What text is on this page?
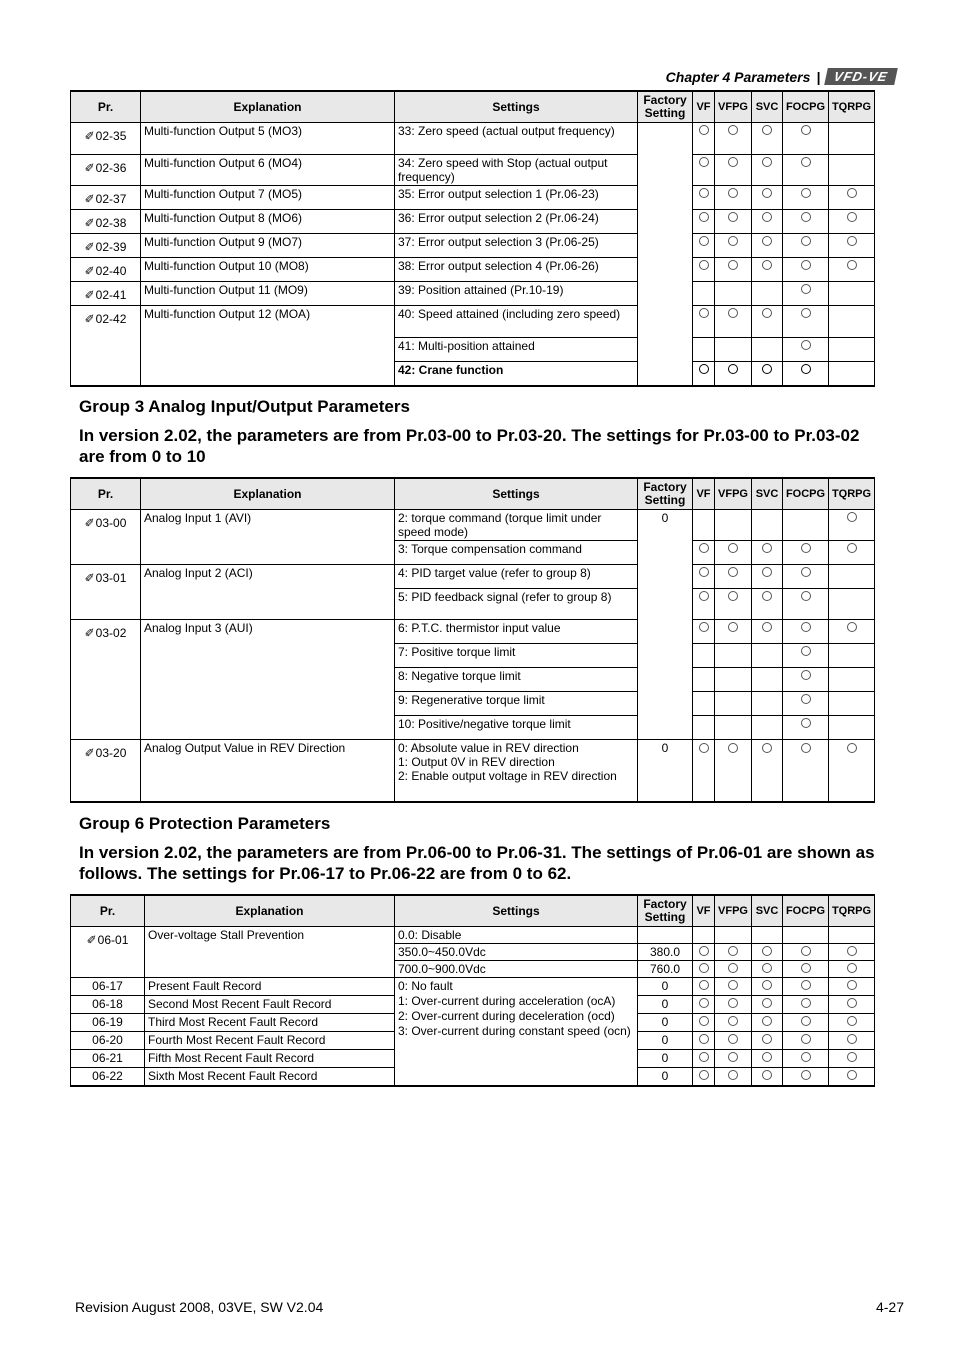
Chapter 4 Parameters | VFD-VE
Pr.	Explanation	Settings	Factory Setting	VF	VFPG	SVC	FOCPG	TQRPG
✐02-35	Multi-function Output 5 (MO3)	33: Zero speed (actual output frequency)						
✐02-36	Multi-function Output 6 (MO4)	34: Zero speed with Stop (actual output frequency)						
✐02-37	Multi-function Output 7 (MO5)	35: Error output selection 1 (Pr.06-23)						
✐02-38	Multi-function Output 8 (MO6)	36: Error output selection 2 (Pr.06-24)						
✐02-39	Multi-function Output 9 (MO7)	37: Error output selection 3 (Pr.06-25)						
✐02-40	Multi-function Output 10 (MO8)	38: Error output selection 4 (Pr.06-26)						
✐02-41	Multi-function Output 11 (MO9)	39: Position attained (Pr.10-19)						
✐02-42	Multi-function Output 12 (MOA)	40: Speed attained (including zero speed)						
		41: Multi-position attained						
		42: Crane function						
Group 3 Analog Input/Output Parameters
In version 2.02, the parameters are from Pr.03-00 to Pr.03-20. The settings for Pr.03-00 to Pr.03-02 are from 0 to 10
Pr.	Explanation	Settings	Factory Setting	VF	VFPG	SVC	FOCPG	TQRPG
✐03-00	Analog Input 1 (AVI)	2: torque command (torque limit under speed mode)	0					
		3: Torque compensation command						
✐03-01	Analog Input 2 (ACI)	4: PID target value (refer to group 8)						
		5: PID feedback signal (refer to group 8)						
✐03-02	Analog Input 3 (AUI)	6: P.T.C. thermistor input value						
		7: Positive torque limit						
		8: Negative torque limit						
		9: Regenerative torque limit						
		10: Positive/negative torque limit						
✐03-20	Analog Output Value in REV Direction	0: Absolute value in REV direction
1: Output 0V in REV direction
2: Enable output voltage in REV direction	0					
Group 6 Protection Parameters
In version 2.02, the parameters are from Pr.06-00 to Pr.06-31. The settings of Pr.06-01 are shown as follows. The settings for Pr.06-17 to Pr.06-22 are from 0 to 62.
Pr.	Explanation	Settings	Factory Setting	VF	VFPG	SVC	FOCPG	TQRPG
✐06-01	Over-voltage Stall Prevention	0.0: Disable						
		350.0~450.0Vdc	380.0					
		700.0~900.0Vdc	760.0					
06-17	Present Fault Record	0: No fault
1: Over-current during acceleration (ocA)
2: Over-current during deceleration (ocd)
3: Over-current during constant speed (ocn)	0					
06-18	Second Most Recent Fault Record		0					
06-19	Third Most Recent Fault Record		0					
06-20	Fourth Most Recent Fault Record		0					
06-21	Fifth Most Recent Fault Record		0					
06-22	Sixth Most Recent Fault Record		0					
Revision August 2008, 03VE, SW V2.04	4-27
